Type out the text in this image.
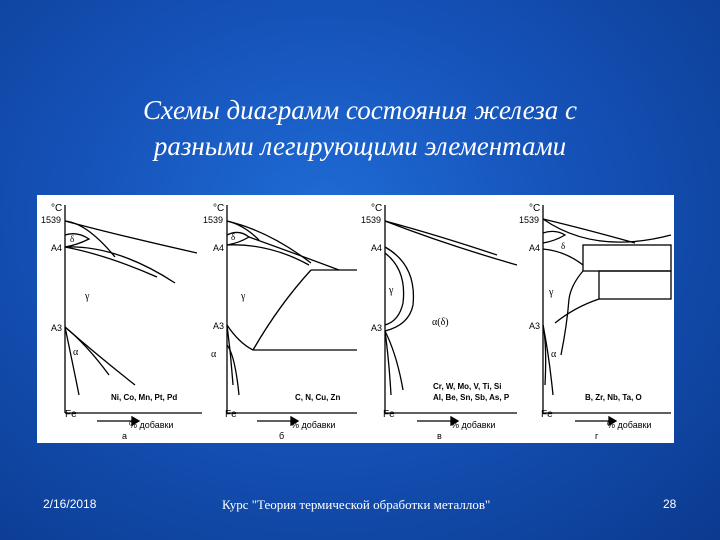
Схемы диаграмм состояния железа с
разными легирующими элементами
°C
1539
δ
A4
γ
A3
α
Ni, Co, Mn, Pt, Pd
Fe
% добавки
а
°C
1539
δ
A4
γ
A3
α
C, N, Cu, Zn
Fe
% добавки
б
°C
1539
A4
γ
A3	α(δ)
Cr, W, Mo, V, Ti, Si
Al, Be, Sn, Sb, As, P
Fe
% добавки
в
°C
1539
A4 δ
γ
A3
α
B, Zr, Nb, Ta, O
Fe
% добавки
г
2/16/2018	Курс "Теория термической обработки металлов"	28
